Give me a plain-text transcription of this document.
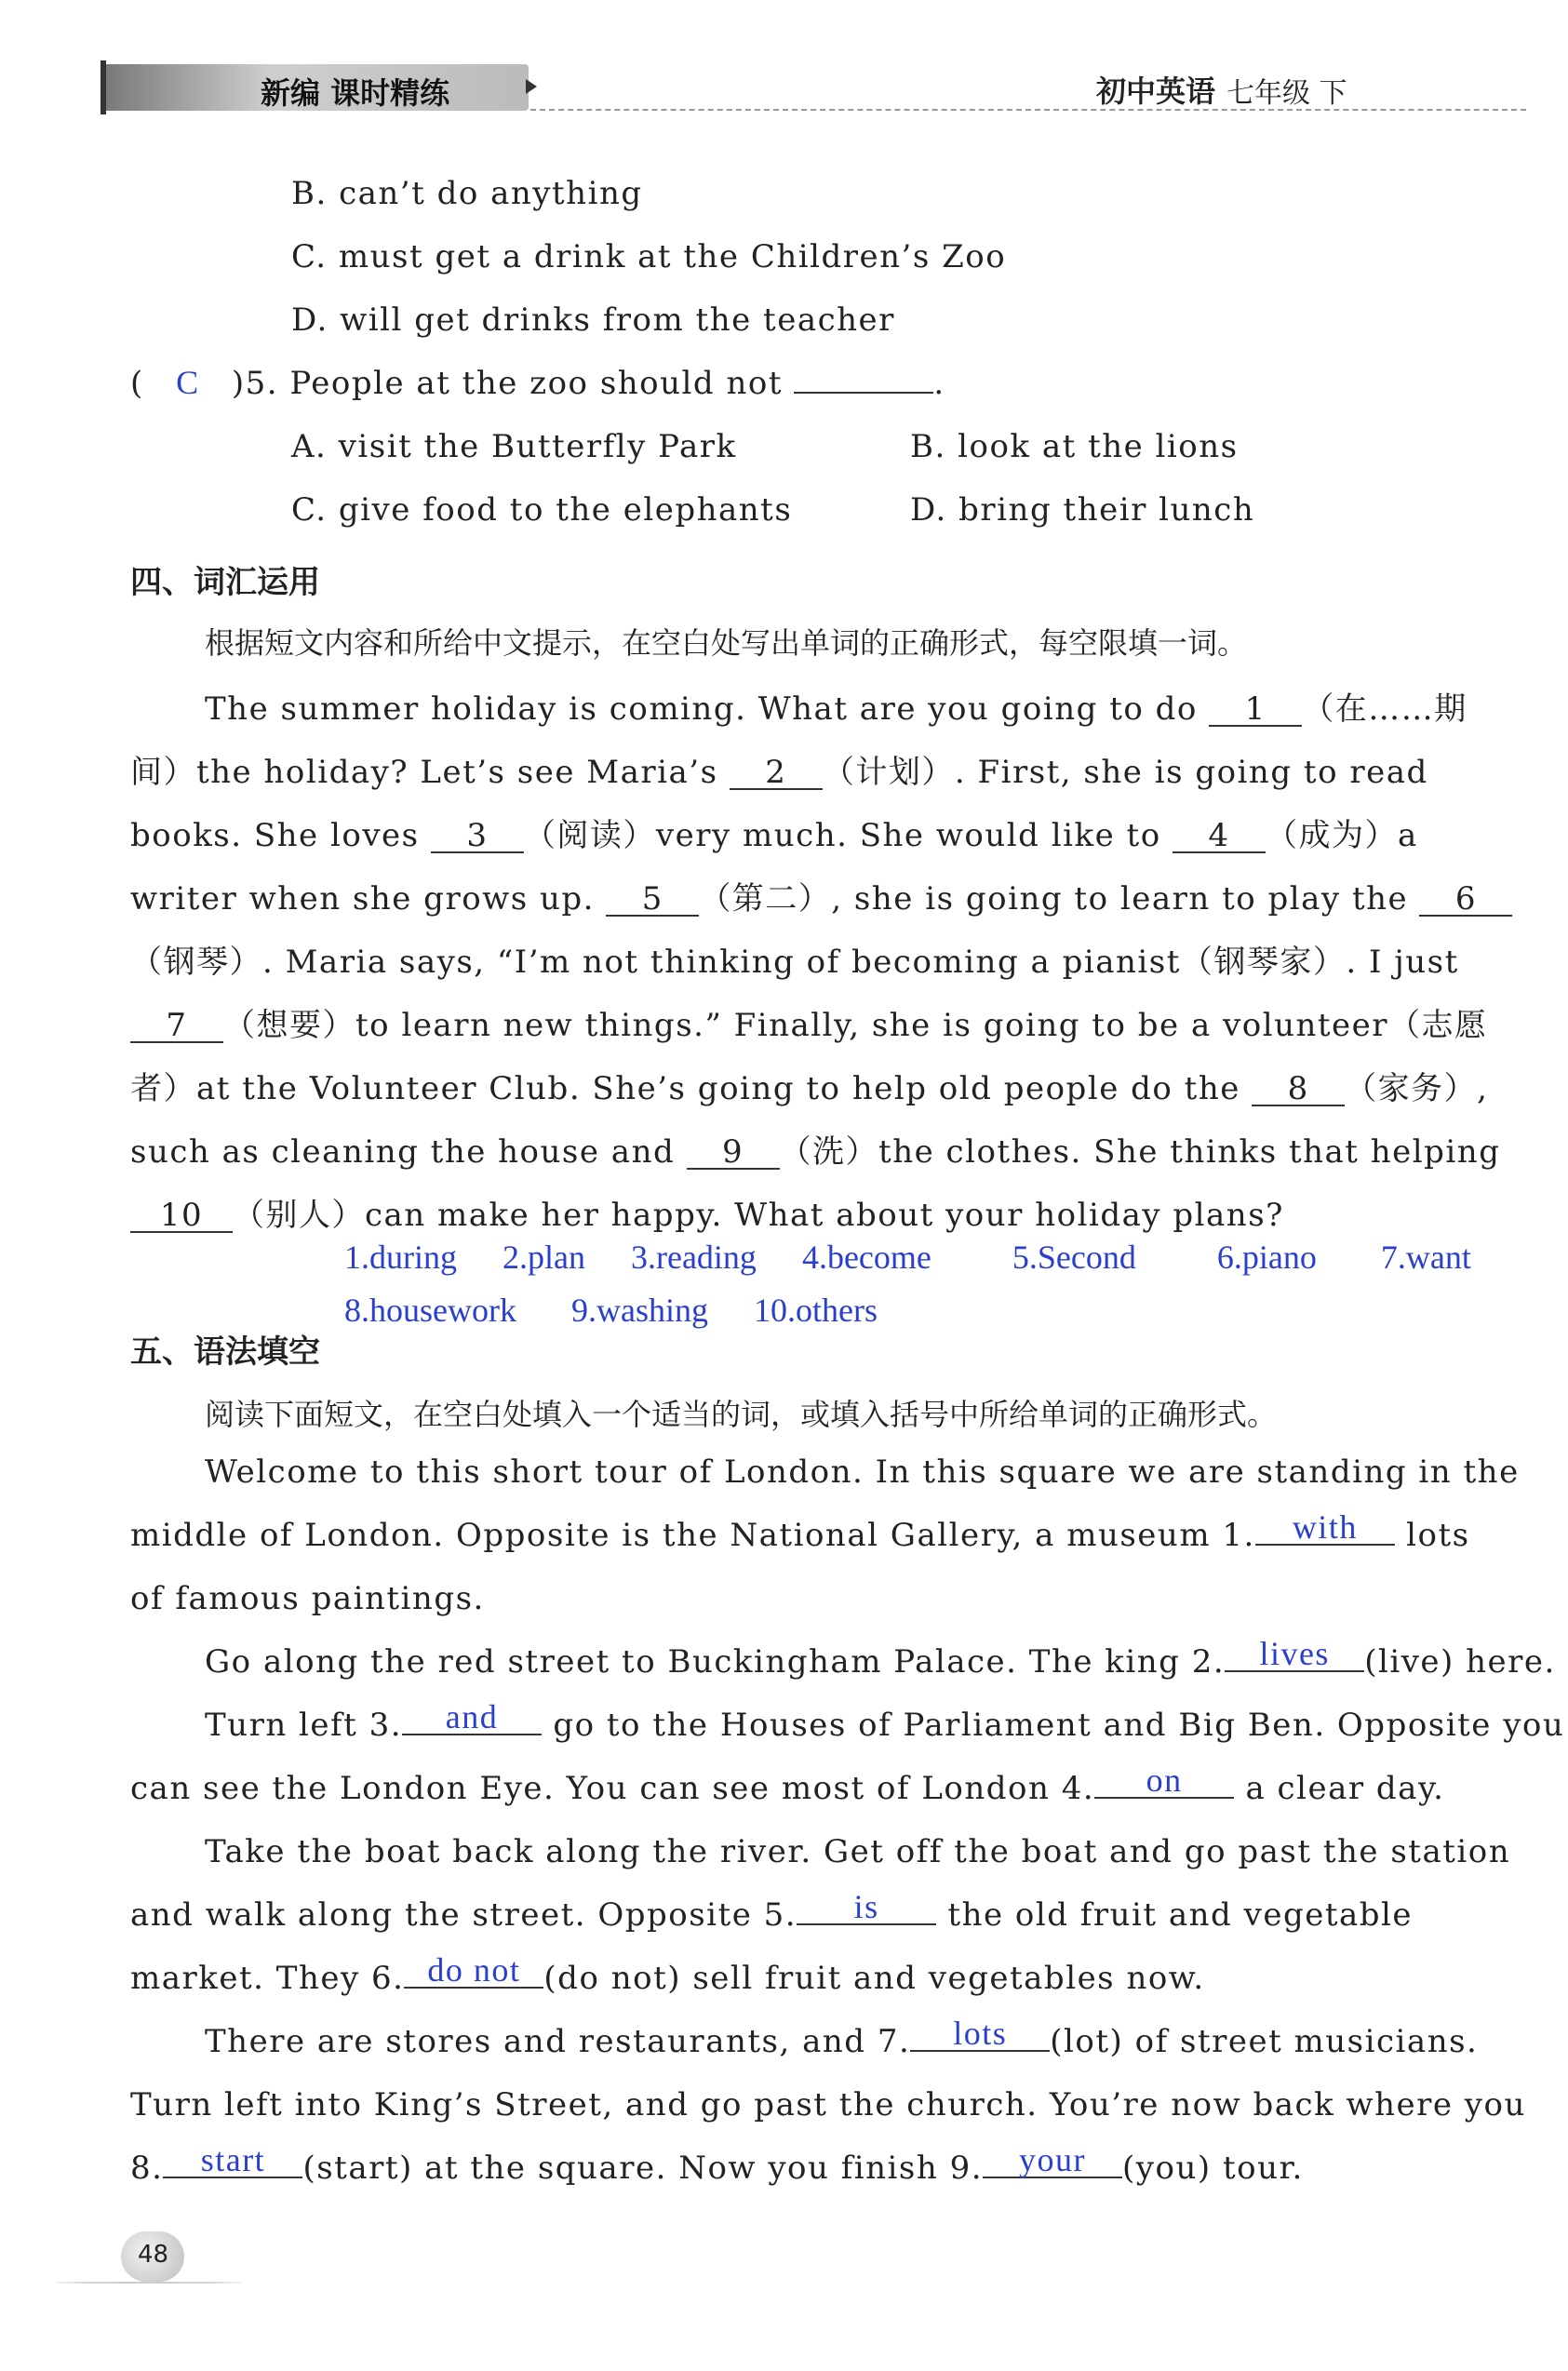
新编 课时精练	初中英语 七年级 下
B. can’t do anything
C. must get a drink at the Children’s Zoo
D. will get drinks from the teacher
( C )5. People at the zoo should not	.
A. visit the Butterfly Park	B. look at the lions
C. give food to the elephants	D. bring their lunch
四、词汇运用
根据短文内容和所给中文提示，在空白处写出单词的正确形式，每空限填一词。
The summer holiday is coming. What are you going to do 1 （在……期
间）the holiday? Let’s see Maria’s 2 （计划）. First, she is going to read
books. She loves 3 （阅读）very much. She would like to 4 （成为）a
writer when she grows up. 5 （第二）, she is going to learn to play the 6
（钢琴）. Maria says, “I’m not thinking of becoming a pianist（钢琴家）. I just
7 （想要）to learn new things.” Finally, she is going to be a volunteer（志愿
者）at the Volunteer Club. She’s going to help old people do the 8 （家务）,
such as cleaning the house and 9 （洗）the clothes. She thinks that helping
10 （别人）can make her happy. What about your holiday plans?
1.during 2.plan 3.reading 4.become 5.Second 6.piano 7.want
8.housework 9.washing 10.others
五、语法填空
阅读下面短文，在空白处填入一个适当的词，或填入括号中所给单词的正确形式。
Welcome to this short tour of London. In this square we are standing in the
middle of London. Opposite is the National Gallery, a museum 1. with lots
of famous paintings.
Go along the red street to Buckingham Palace. The king 2. lives (live) here.
Turn left 3. and go to the Houses of Parliament and Big Ben. Opposite you
can see the London Eye. You can see most of London 4. on a clear day.
Take the boat back along the river. Get off the boat and go past the station
and walk along the street. Opposite 5. is the old fruit and vegetable
market. They 6. do not (do not) sell fruit and vegetables now.
There are stores and restaurants, and 7. lots (lot) of street musicians.
Turn left into King’s Street, and go past the church. You’re now back where you
8. start (start) at the square. Now you finish 9. your (you) tour.
48
